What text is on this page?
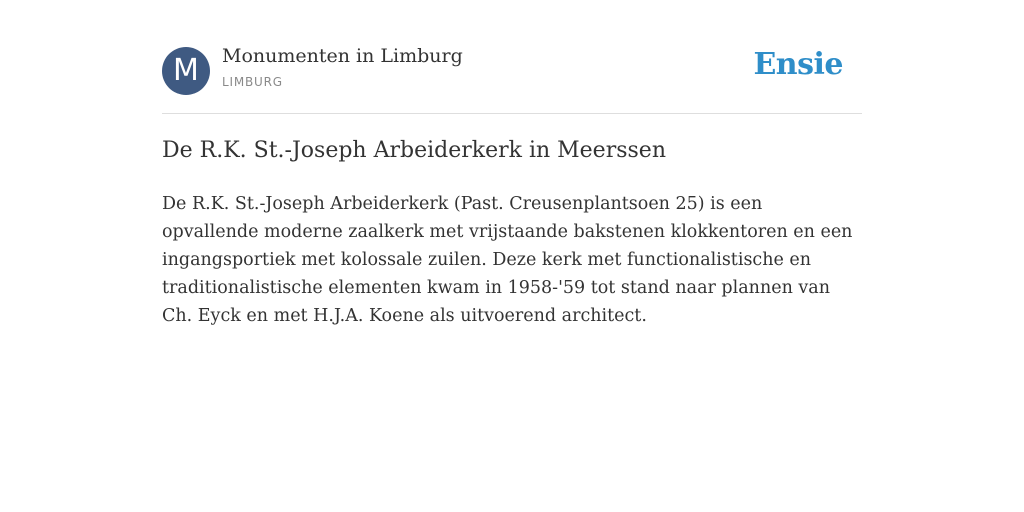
M	Monumenten in Limburg
LIMBURG	Ensie
De R.K. St.-Joseph Arbeiderkerk in Meerssen

De R.K. St.-Joseph Arbeiderkerk (Past. Creusenplantsoen 25) is een opvallende moderne zaalkerk met vrijstaande bakstenen klokkentoren en een ingangsportiek met kolossale zuilen. Deze kerk met functionalistische en traditionalistische elementen kwam in 1958-'59 tot stand naar plannen van Ch. Eyck en met H.J.A. Koene als uitvoerend architect.
